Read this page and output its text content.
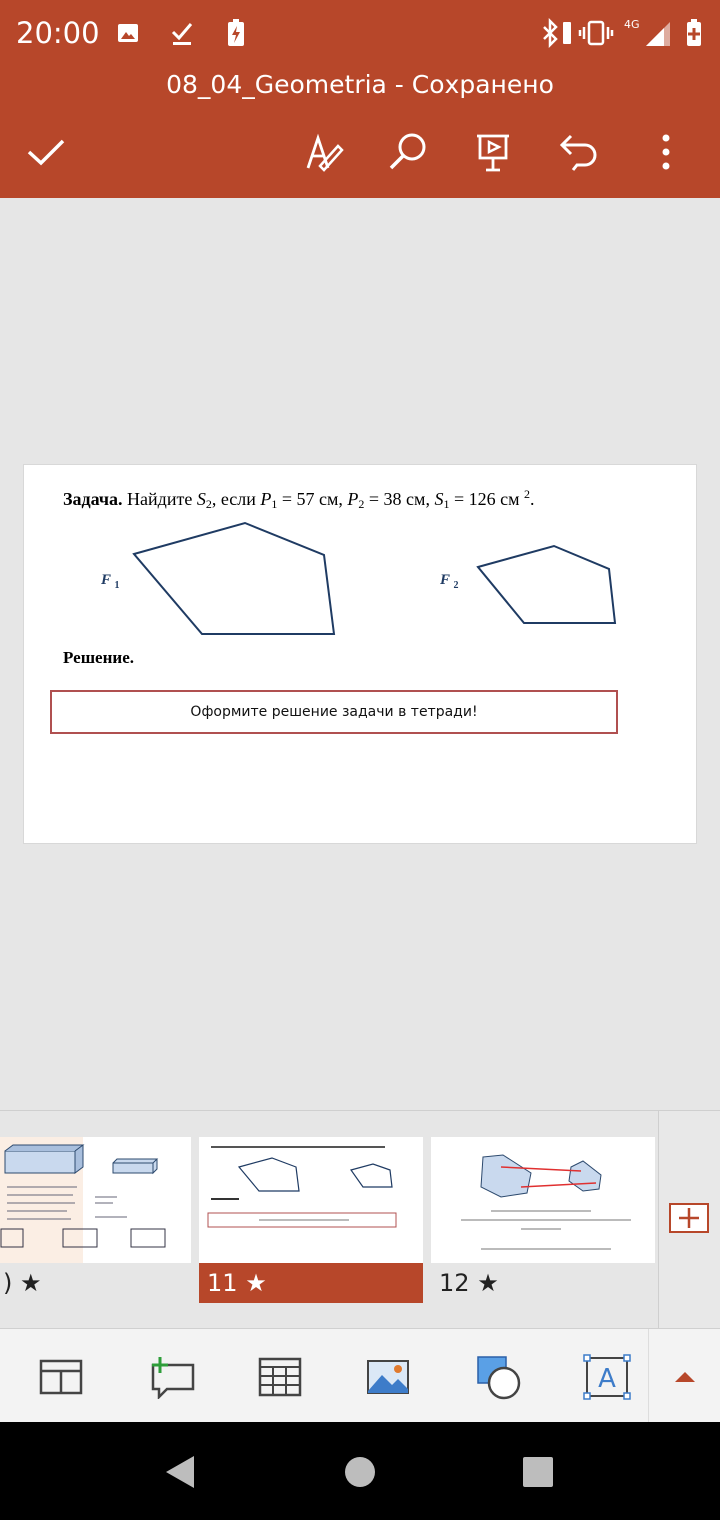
20:00	4G
08_04_Geometria - Сохранено
Задача. Найдите $S_2$, если $P_1 = 57$ см, $P_2 = 38$ см, $S_1 = 126$ см $^2$.
F $_1$	F $_2$
Решение.
Оформите решение задачи в тетради!
) ★	11 ★	12 ★
A
